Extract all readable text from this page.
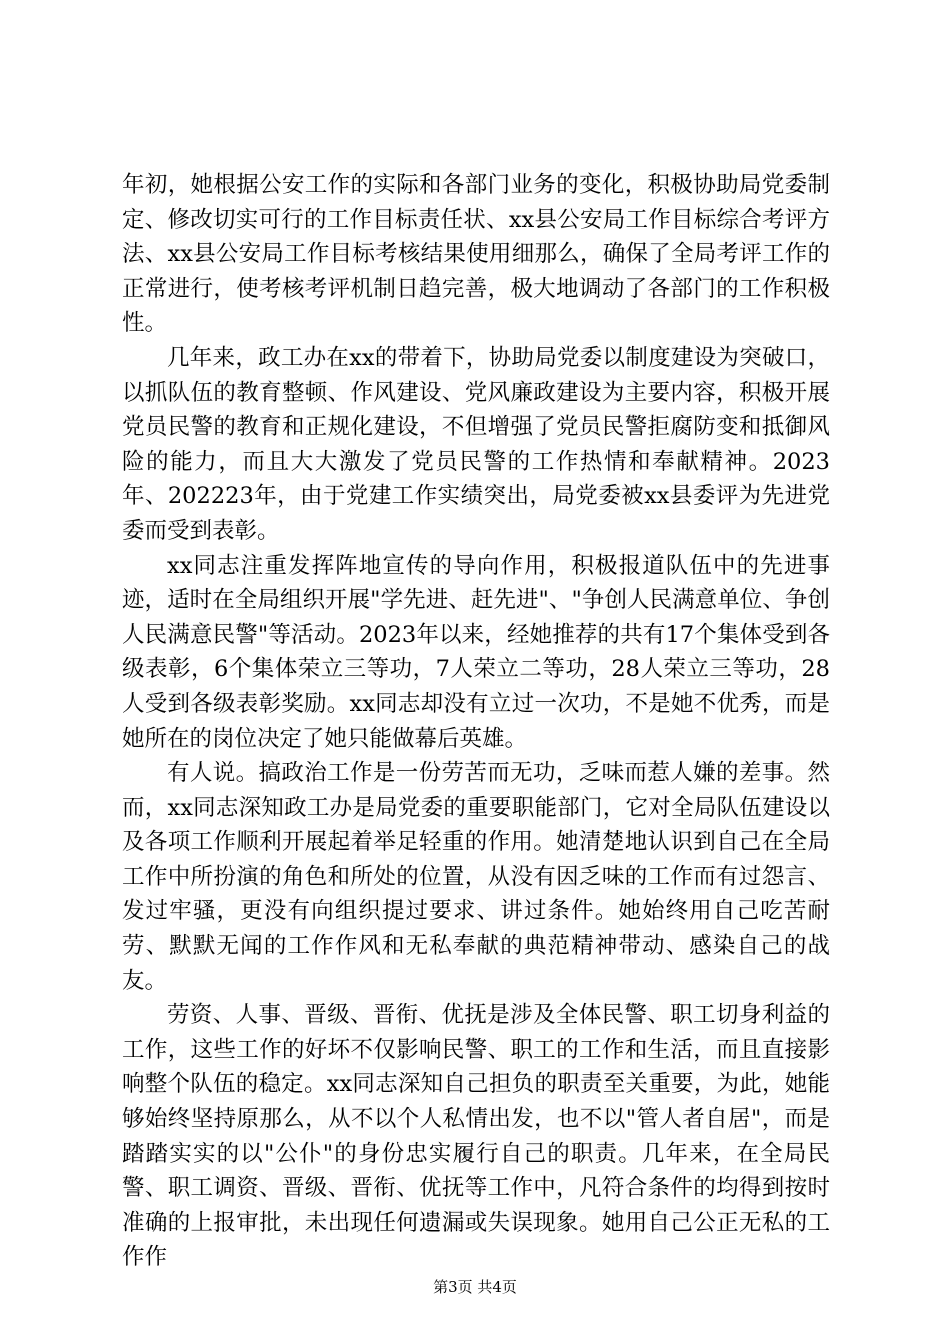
年初，她根据公安工作的实际和各部门业务的变化，积极协助局党委制定、修改切实可行的工作目标责任状、xx县公安局工作目标综合考评方法、xx县公安局工作目标考核结果使用细那么，确保了全局考评工作的正常进行，使考核考评机制日趋完善，极大地调动了各部门的工作积极性。

几年来，政工办在xx的带着下，协助局党委以制度建设为突破口，以抓队伍的教育整顿、作风建设、党风廉政建设为主要内容，积极开展党员民警的教育和正规化建设，不但增强了党员民警拒腐防变和抵御风险的能力，而且大大激发了党员民警的工作热情和奉献精神。2023年、202223年，由于党建工作实绩突出，局党委被xx县委评为先进党委而受到表彰。

xx同志注重发挥阵地宣传的导向作用，积极报道队伍中的先进事迹，适时在全局组织开展"学先进、赶先进"、"争创人民满意单位、争创人民满意民警"等活动。2023年以来，经她推荐的共有17个集体受到各级表彰，6个集体荣立三等功，7人荣立二等功，28人荣立三等功，28人受到各级表彰奖励。xx同志却没有立过一次功，不是她不优秀，而是她所在的岗位决定了她只能做幕后英雄。

有人说。搞政治工作是一份劳苦而无功，乏味而惹人嫌的差事。然而，xx同志深知政工办是局党委的重要职能部门，它对全局队伍建设以及各项工作顺利开展起着举足轻重的作用。她清楚地认识到自己在全局工作中所扮演的角色和所处的位置，从没有因乏味的工作而有过怨言、发过牢骚，更没有向组织提过要求、讲过条件。她始终用自己吃苦耐劳、默默无闻的工作作风和无私奉献的典范精神带动、感染自己的战友。

劳资、人事、晋级、晋衔、优抚是涉及全体民警、职工切身利益的工作，这些工作的好坏不仅影响民警、职工的工作和生活，而且直接影响整个队伍的稳定。xx同志深知自己担负的职责至关重要，为此，她能够始终坚持原那么，从不以个人私情出发，也不以"管人者自居"，而是踏踏实实的以"公仆"的身份忠实履行自己的职责。几年来，在全局民警、职工调资、晋级、晋衔、优抚等工作中，凡符合条件的均得到按时准确的上报审批，未出现任何遗漏或失误现象。她用自己公正无私的工作作

第3页 共4页
